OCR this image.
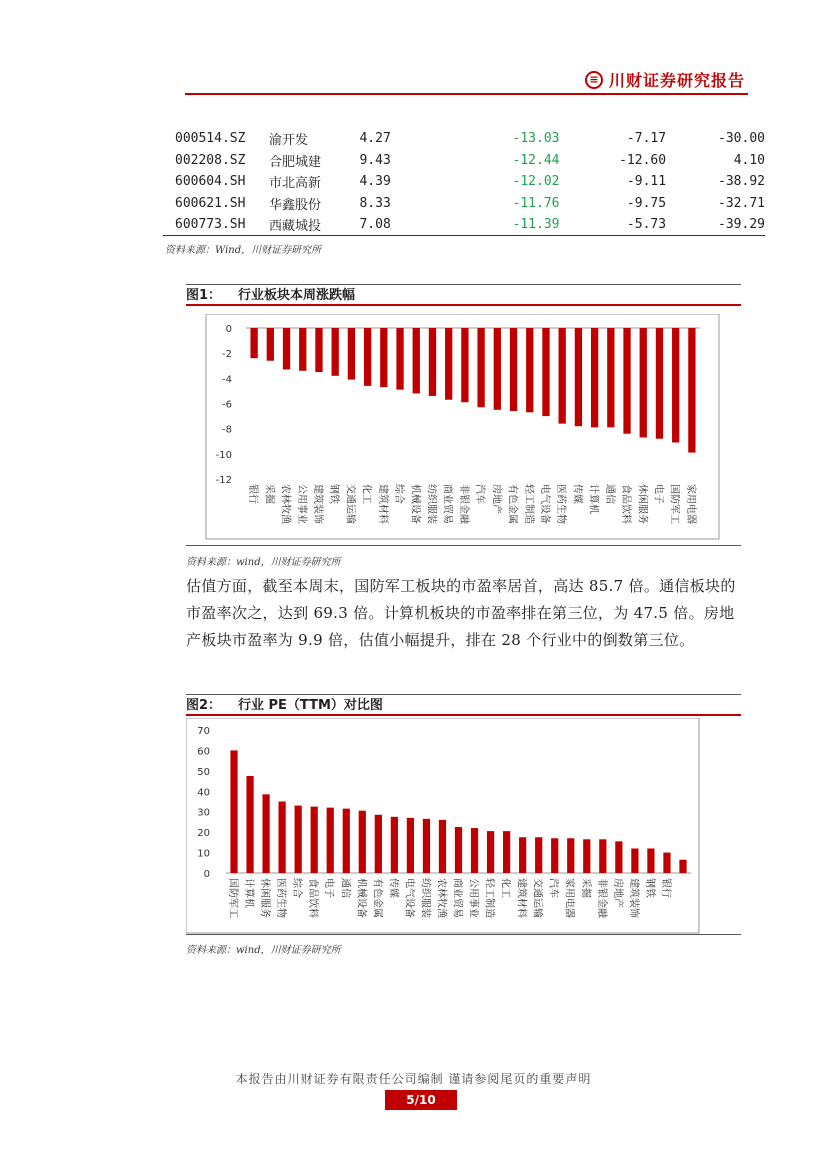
≡ 川财证券研究报告
000514.SZ	渝开发	4.27	-13.03	-7.17	-30.00
002208.SZ	合肥城建	9.43	-12.44	-12.60	4.10
600604.SH	市北高新	4.39	-12.02	-9.11	-38.92
600621.SH	华鑫股份	8.33	-11.76	-9.75	-32.71
600773.SH	西藏城投	7.08	-11.39	-5.73	-39.29
资料来源：Wind，川财证券研究所
图1： 行业板块本周涨跌幅
0
-2
-4
-6
-8
-10
-12
银行 采掘 农林牧渔 公用事业 建筑装饰 钢铁 交通运输 化工 建筑材料 综合 机械设备 纺织服装 商业贸易 非银金融 汽车 房地产 有色金属 轻工制造 电气设备 医药生物 传媒 计算机 通信 食品饮料 休闲服务 电子 国防军工 家用电器
资料来源：wind，川财证券研究所
估值方面，截至本周末，国防军工板块的市盈率居首，高达 85.7 倍。通信板块的市盈率次之，达到 69.3 倍。计算机板块的市盈率排在第三位，为 47.5 倍。房地产板块市盈率为 9.9 倍，估值小幅提升，排在 28 个行业中的倒数第三位。
图2： 行业 PE（TTM）对比图
70
60
50
40
30
20
10
0
国防军工 计算机 休闲服务 医药生物 综合 食品饮料 电子 通信 机械设备 有色金属 传媒 电气设备 纺织服装 农林牧渔 商业贸易 公用事业 轻工制造 化工 建筑材料 交通运输 汽车 家用电器 采掘 非银金融 房地产 建筑装饰 钢铁 银行
资料来源：wind，川财证券研究所
本报告由川财证券有限责任公司编制 谨请参阅尾页的重要声明
5/10
